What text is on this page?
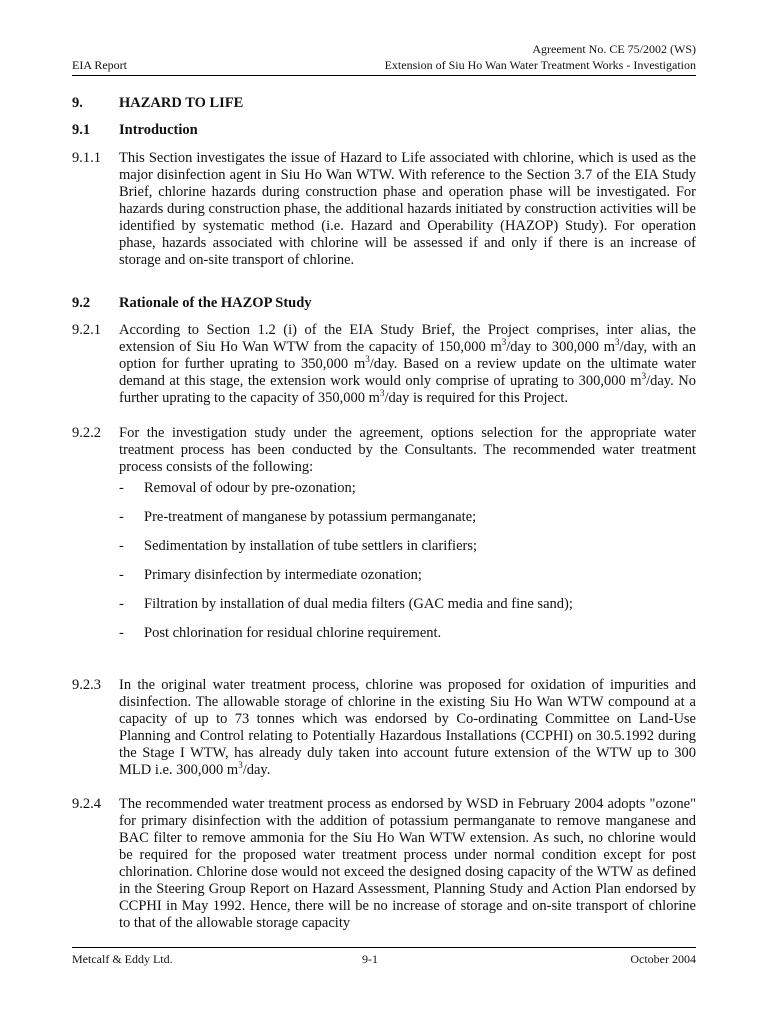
Agreement No. CE 75/2002 (WS)
EIA Report	Extension of Siu Ho Wan Water Treatment Works - Investigation
9. HAZARD TO LIFE
9.1 Introduction
9.1.1 This Section investigates the issue of Hazard to Life associated with chlorine, which is used as the major disinfection agent in Siu Ho Wan WTW. With reference to the Section 3.7 of the EIA Study Brief, chlorine hazards during construction phase and operation phase will be investigated. For hazards during construction phase, the additional hazards initiated by construction activities will be identified by systematic method (i.e. Hazard and Operability (HAZOP) Study). For operation phase, hazards associated with chlorine will be assessed if and only if there is an increase of storage and on-site transport of chlorine.
9.2 Rationale of the HAZOP Study
9.2.1 According to Section 1.2 (i) of the EIA Study Brief, the Project comprises, inter alias, the extension of Siu Ho Wan WTW from the capacity of 150,000 $m^3$/day to 300,000 $m^3$/day, with an option for further uprating to 350,000 $m^3$/day. Based on a review update on the ultimate water demand at this stage, the extension work would only comprise of uprating to 300,000 $m^3$/day. No further uprating to the capacity of 350,000 $m^3$/day is required for this Project.
9.2.2 For the investigation study under the agreement, options selection for the appropriate water treatment process has been conducted by the Consultants. The recommended water treatment process consists of the following:
- Removal of odour by pre-ozonation;
- Pre-treatment of manganese by potassium permanganate;
- Sedimentation by installation of tube settlers in clarifiers;
- Primary disinfection by intermediate ozonation;
- Filtration by installation of dual media filters (GAC media and fine sand);
- Post chlorination for residual chlorine requirement.
9.2.3 In the original water treatment process, chlorine was proposed for oxidation of impurities and disinfection. The allowable storage of chlorine in the existing Siu Ho Wan WTW compound at a capacity of up to 73 tonnes which was endorsed by Co-ordinating Committee on Land-Use Planning and Control relating to Potentially Hazardous Installations (CCPHI) on 30.5.1992 during the Stage I WTW, has already duly taken into account future extension of the WTW up to 300 MLD i.e. 300,000 $m^3$/day.
9.2.4 The recommended water treatment process as endorsed by WSD in February 2004 adopts "ozone" for primary disinfection with the addition of potassium permanganate to remove manganese and BAC filter to remove ammonia for the Siu Ho Wan WTW extension. As such, no chlorine would be required for the proposed water treatment process under normal condition except for post chlorination. Chlorine dose would not exceed the designed dosing capacity of the WTW as defined in the Steering Group Report on Hazard Assessment, Planning Study and Action Plan endorsed by CCPHI in May 1992. Hence, there will be no increase of storage and on-site transport of chlorine to that of the allowable storage capacity
Metcalf & Eddy Ltd.	9-1	October 2004
